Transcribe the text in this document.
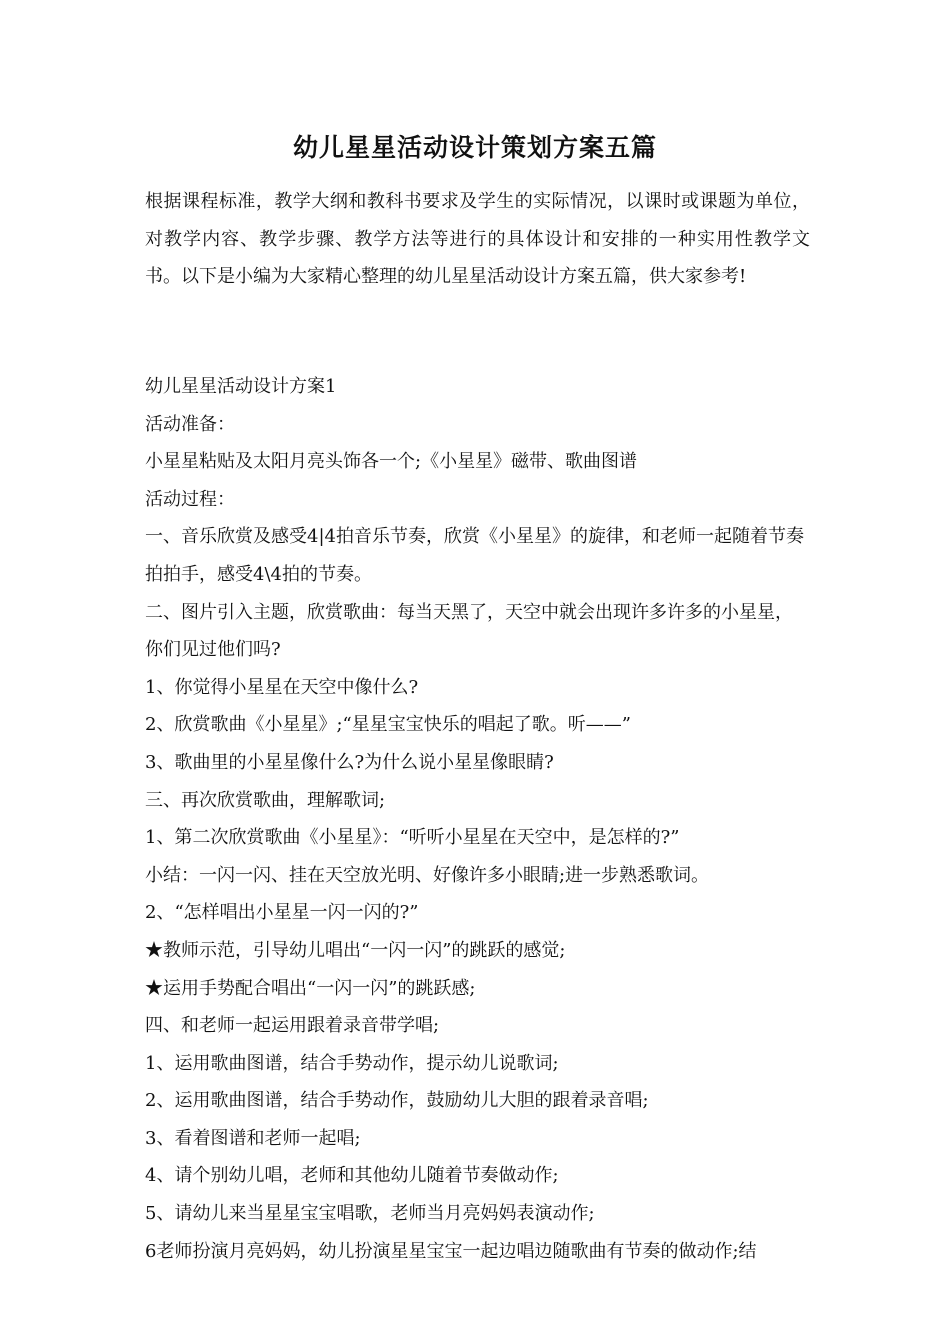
幼儿星星活动设计策划方案五篇

根据课程标准，教学大纲和教科书要求及学生的实际情况，以课时或课题为单位，对教学内容、教学步骤、教学方法等进行的具体设计和安排的一种实用性教学文书。以下是小编为大家精心整理的幼儿星星活动设计方案五篇，供大家参考!

幼儿星星活动设计方案1
活动准备：
小星星粘贴及太阳月亮头饰各一个;《小星星》磁带、歌曲图谱
活动过程：
一、音乐欣赏及感受4|4拍音乐节奏，欣赏《小星星》的旋律，和老师一起随着节奏拍拍手，感受4\4拍的节奏。
二、图片引入主题，欣赏歌曲：每当天黑了，天空中就会出现许多许多的小星星，你们见过他们吗?
1、你觉得小星星在天空中像什么?
2、欣赏歌曲《小星星》;“星星宝宝快乐的唱起了歌。听——”
3、歌曲里的小星星像什么?为什么说小星星像眼睛?
三、再次欣赏歌曲，理解歌词;
1、第二次欣赏歌曲《小星星》：“听听小星星在天空中，是怎样的?”
小结：一闪一闪、挂在天空放光明、好像许多小眼睛;进一步熟悉歌词。
2、“怎样唱出小星星一闪一闪的?”
★教师示范，引导幼儿唱出“一闪一闪”的跳跃的感觉;
★运用手势配合唱出“一闪一闪”的跳跃感;
四、和老师一起运用跟着录音带学唱;
1、运用歌曲图谱，结合手势动作，提示幼儿说歌词;
2、运用歌曲图谱，结合手势动作，鼓励幼儿大胆的跟着录音唱;
3、看着图谱和老师一起唱;
4、请个别幼儿唱，老师和其他幼儿随着节奏做动作;
5、请幼儿来当星星宝宝唱歌，老师当月亮妈妈表演动作;
6老师扮演月亮妈妈，幼儿扮演星星宝宝一起边唱边随歌曲有节奏的做动作;结
